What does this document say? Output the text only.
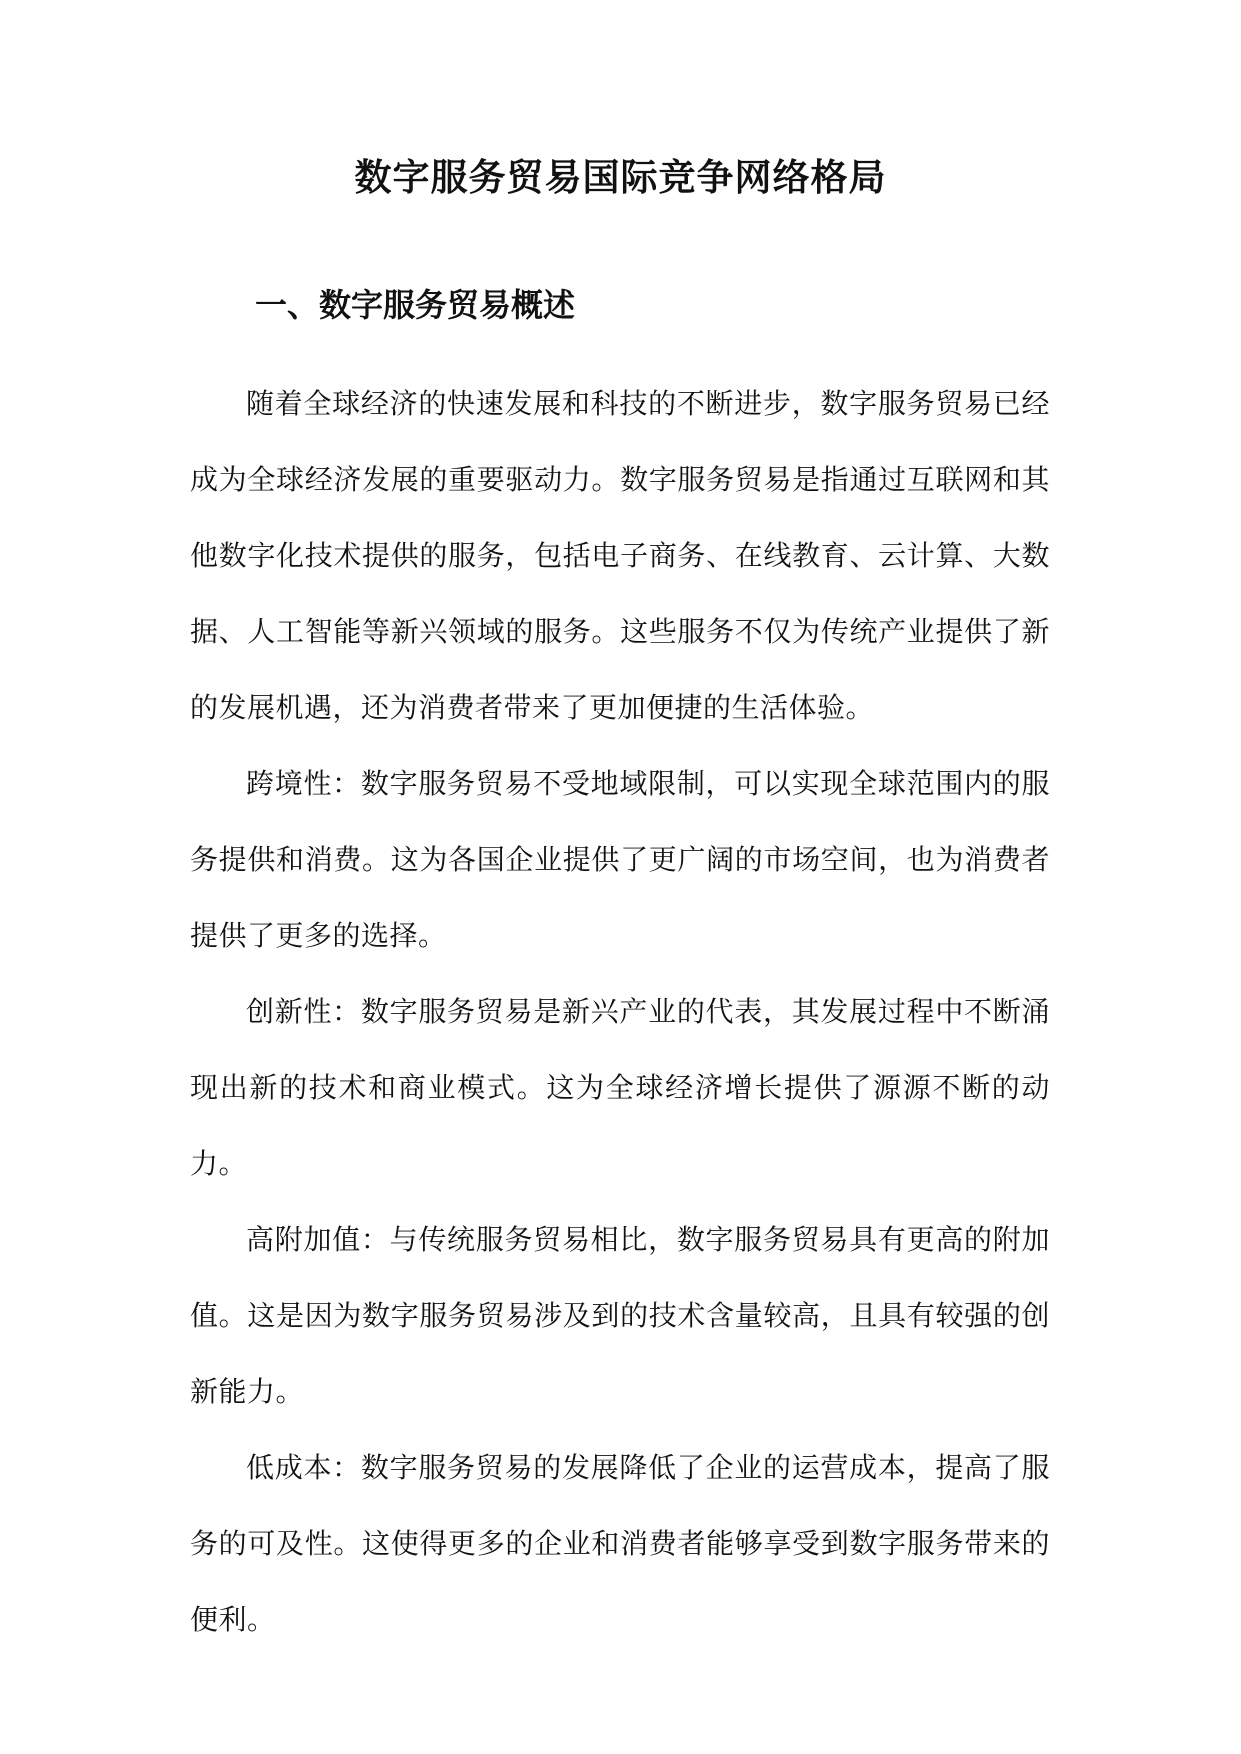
数字服务贸易国际竞争网络格局
一、数字服务贸易概述

随着全球经济的快速发展和科技的不断进步，数字服务贸易已经成为全球经济发展的重要驱动力。数字服务贸易是指通过互联网和其他数字化技术提供的服务，包括电子商务、在线教育、云计算、大数据、人工智能等新兴领域的服务。这些服务不仅为传统产业提供了新的发展机遇，还为消费者带来了更加便捷的生活体验。

跨境性：数字服务贸易不受地域限制，可以实现全球范围内的服务提供和消费。这为各国企业提供了更广阔的市场空间，也为消费者提供了更多的选择。

创新性：数字服务贸易是新兴产业的代表，其发展过程中不断涌现出新的技术和商业模式。这为全球经济增长提供了源源不断的动力。

高附加值：与传统服务贸易相比，数字服务贸易具有更高的附加值。这是因为数字服务贸易涉及到的技术含量较高，且具有较强的创新能力。

低成本：数字服务贸易的发展降低了企业的运营成本，提高了服务的可及性。这使得更多的企业和消费者能够享受到数字服务带来的便利。
